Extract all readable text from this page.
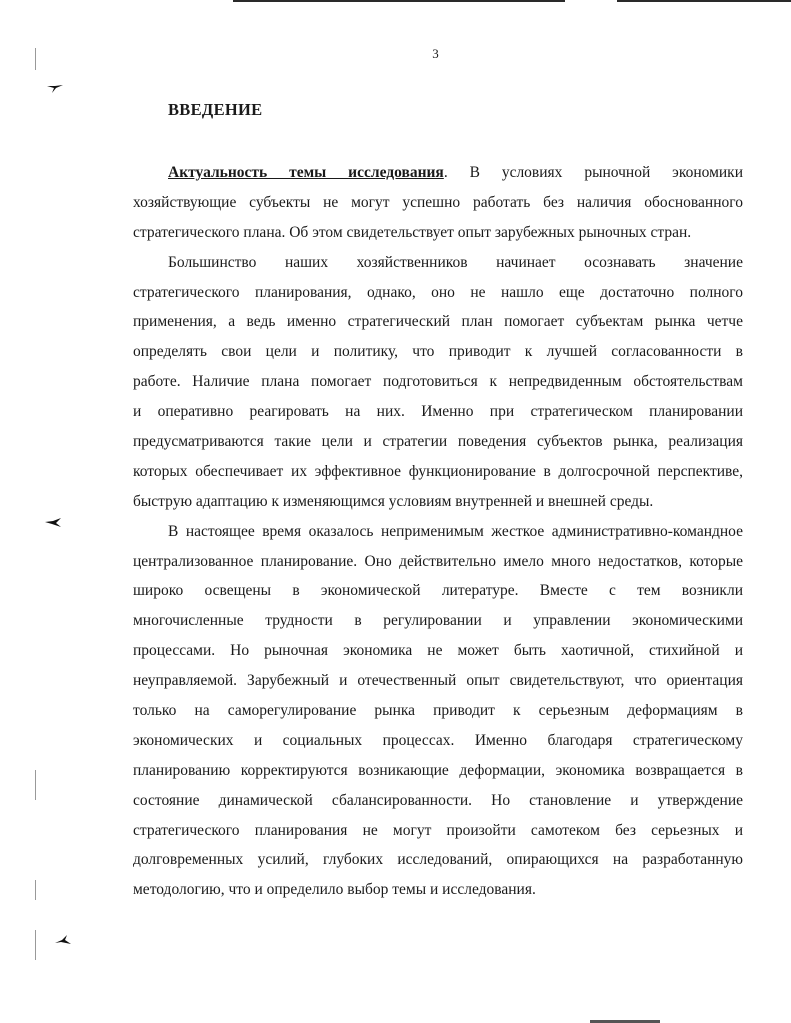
3
ВВЕДЕНИЕ
Актуальность темы исследования. В условиях рыночной экономики
хозяйствующие субъекты не могут успешно работать без наличия обоснованного
стратегического плана. Об этом свидетельствует опыт зарубежных рыночных стран.
Большинство наших хозяйственников начинает осознавать значение
стратегического планирования, однако, оно не нашло еще достаточно полного
применения, а ведь именно стратегический план помогает субъектам рынка четче
определять свои цели и политику, что приводит к лучшей согласованности в
работе. Наличие плана помогает подготовиться к непредвиденным обстоятельствам
и оперативно реагировать на них. Именно при стратегическом планировании
предусматриваются такие цели и стратегии поведения субъектов рынка, реализация
которых обеспечивает их эффективное функционирование в долгосрочной перспективе,
быструю адаптацию к изменяющимся условиям внутренней и внешней среды.
В настоящее время оказалось неприменимым жесткое административно-командное
централизованное планирование. Оно действительно имело много недостатков, которые
широко освещены в экономической литературе. Вместе с тем возникли
многочисленные трудности в регулировании и управлении экономическими
процессами. Но рыночная экономика не может быть хаотичной, стихийной и
неуправляемой. Зарубежный и отечественный опыт свидетельствуют, что ориентация
только на саморегулирование рынка приводит к серьезным деформациям в
экономических и социальных процессах. Именно благодаря стратегическому
планированию корректируются возникающие деформации, экономика возвращается в
состояние динамической сбалансированности. Но становление и утверждение
стратегического планирования не могут произойти самотеком без серьезных и
долговременных усилий, глубоких исследований, опирающихся на разработанную
методологию, что и определило выбор темы и исследования.
